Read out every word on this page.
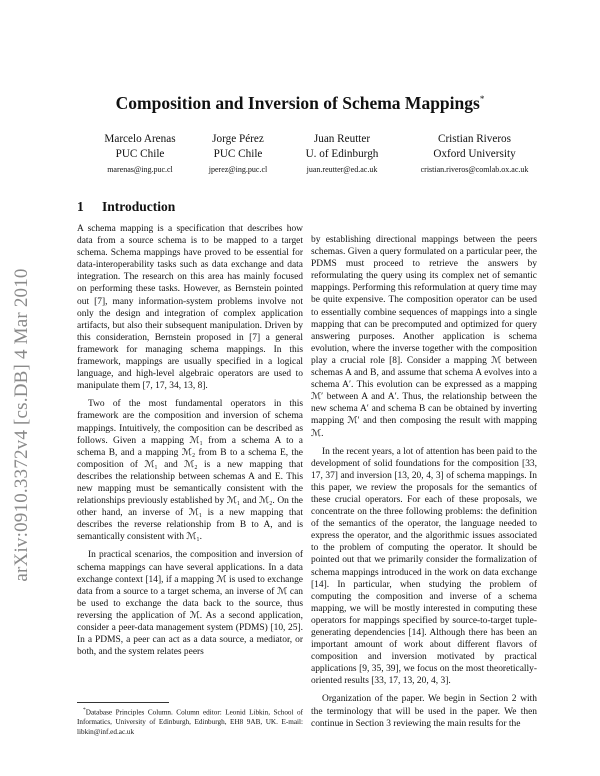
arXiv:0910.3372v4 [cs.DB] 4 Mar 2010
Composition and Inversion of Schema Mappings*
Marcelo Arenas
PUC Chile
marenas@ing.puc.cl
Jorge Pérez
PUC Chile
jperez@ing.puc.cl
Juan Reutter
U. of Edinburgh
juan.reutter@ed.ac.uk
Cristian Riveros
Oxford University
cristian.riveros@comlab.ox.ac.uk
1 Introduction

A schema mapping is a specification that describes how data from a source schema is to be mapped to a target schema. Schema mappings have proved to be essential for data-interoperability tasks such as data exchange and data integration. The research on this area has mainly focused on performing these tasks. However, as Bernstein pointed out [7], many information-system problems involve not only the design and integration of complex application artifacts, but also their subsequent manipulation. Driven by this consideration, Bernstein proposed in [7] a general framework for managing schema mappings. In this framework, mappings are usually specified in a logical language, and high-level algebraic operators are used to manipulate them [7, 17, 34, 13, 8].

Two of the most fundamental operators in this framework are the composition and inversion of schema mappings. Intuitively, the composition can be described as follows. Given a mapping ℳ₁ from a schema A to a schema B, and a mapping ℳ₂ from B to a schema E, the composition of ℳ₁ and ℳ₂ is a new mapping that describes the relationship between schemas A and E. This new mapping must be semantically consistent with the relationships previously established by ℳ₁ and ℳ₂. On the other hand, an inverse of ℳ₁ is a new mapping that describes the reverse relationship from B to A, and is semantically consistent with ℳ₁.

In practical scenarios, the composition and inversion of schema mappings can have several applications. In a data exchange context [14], if a mapping ℳ is used to exchange data from a source to a target schema, an inverse of ℳ can be used to exchange the data back to the source, thus reversing the application of ℳ. As a second application, consider a peer-data management system (PDMS) [10, 25]. In a PDMS, a peer can act as a data source, a mediator, or both, and the system relates peers

*Database Principles Column. Column editor: Leonid Libkin, School of Informatics, University of Edinburgh, Edinburgh, EH8 9AB, UK. E-mail: libkin@inf.ed.ac.uk

by establishing directional mappings between the peers schemas. Given a query formulated on a particular peer, the PDMS must proceed to retrieve the answers by reformulating the query using its complex net of semantic mappings. Performing this reformulation at query time may be quite expensive. The composition operator can be used to essentially combine sequences of mappings into a single mapping that can be precomputed and optimized for query answering purposes. Another application is schema evolution, where the inverse together with the composition play a crucial role [8]. Consider a mapping ℳ between schemas A and B, and assume that schema A evolves into a schema A′. This evolution can be expressed as a mapping ℳ′ between A and A′. Thus, the relationship between the new schema A′ and schema B can be obtained by inverting mapping ℳ′ and then composing the result with mapping ℳ.

In the recent years, a lot of attention has been paid to the development of solid foundations for the composition [33, 17, 37] and inversion [13, 20, 4, 3] of schema mappings. In this paper, we review the proposals for the semantics of these crucial operators. For each of these proposals, we concentrate on the three following problems: the definition of the semantics of the operator, the language needed to express the operator, and the algorithmic issues associated to the problem of computing the operator. It should be pointed out that we primarily consider the formalization of schema mappings introduced in the work on data exchange [14]. In particular, when studying the problem of computing the composition and inverse of a schema mapping, we will be mostly interested in computing these operators for mappings specified by source-to-target tuple-generating dependencies [14]. Although there has been an important amount of work about different flavors of composition and inversion motivated by practical applications [9, 35, 39], we focus on the most theoretically-oriented results [33, 17, 13, 20, 4, 3].

Organization of the paper. We begin in Section 2 with the terminology that will be used in the paper. We then continue in Section 3 reviewing the main results for the
